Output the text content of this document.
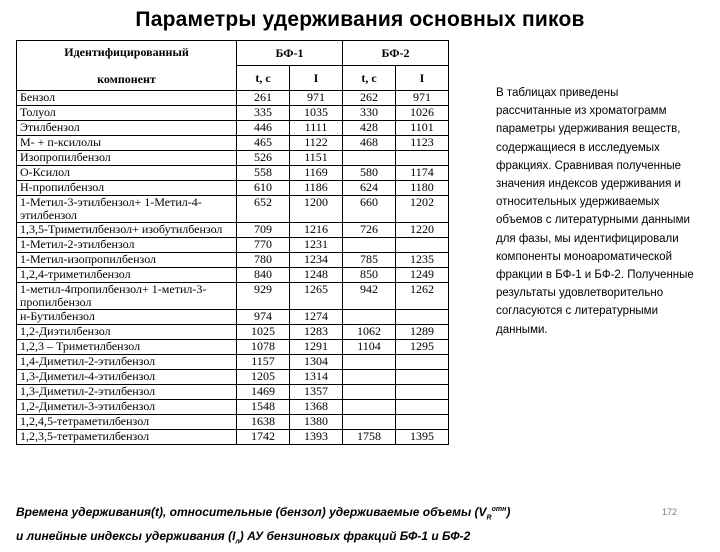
Параметры удерживания основных пиков
Идентифицированный
компонент	БФ-1		БФ-2	
	t, c	I	t, c	I
Бензол	261	971	262	971
Толуол	335	1035	330	1026
Этилбензол	446	1111	428	1101
М- + п-ксилолы	465	1122	468	1123
Изопропилбензол	526	1151		
О-Ксилол	558	1169	580	1174
Н-пропилбензол	610	1186	624	1180
1-Метил-3-этилбензол+ 1-Метил-4-этилбензол	652	1200	660	1202
1,3,5-Триметилбензол+ изобутилбензол	709	1216	726	1220
1-Метил-2-этилбензол	770	1231		
1-Метил-изопропилбензол	780	1234	785	1235
1,2,4-триметилбензол	840	1248	850	1249
1-метил-4пропилбензол+ 1-метил-3-пропилбензол	929	1265	942	1262
н-Бутилбензол	974	1274		
1,2-Диэтилбензол	1025	1283	1062	1289
1,2,3 – Триметилбензол	1078	1291	1104	1295
1,4-Диметил-2-этилбензол	1157	1304		
1,3-Диметил-4-этилбензол	1205	1314		
1,3-Диметил-2-этилбензол	1469	1357		
1,2-Диметил-3-этилбензол	1548	1368		
1,2,4,5-тетраметилбензол	1638	1380		
1,2,3,5-тетраметилбензол	1742	1393	1758	1395
В таблицах приведены рассчитанные из хроматограмм параметры удерживания веществ, содержащиеся в исследуемых фракциях. Сравнивая полученные значения индексов удерживания и относительных удерживаемых объемов с литературными данными для фазы, мы идентифицировали компоненты моноароматической фракции в БФ-1 и БФ-2. Полученные результаты удовлетворительно согласуются с литературными данными.
Времена удерживания(t), относительные (бензол) удерживаемые объемы $(V_R^{отн})$
и линейные индексы удерживания $(I_л)$ АУ бензиновых фракций БФ-1 и БФ-2
172
